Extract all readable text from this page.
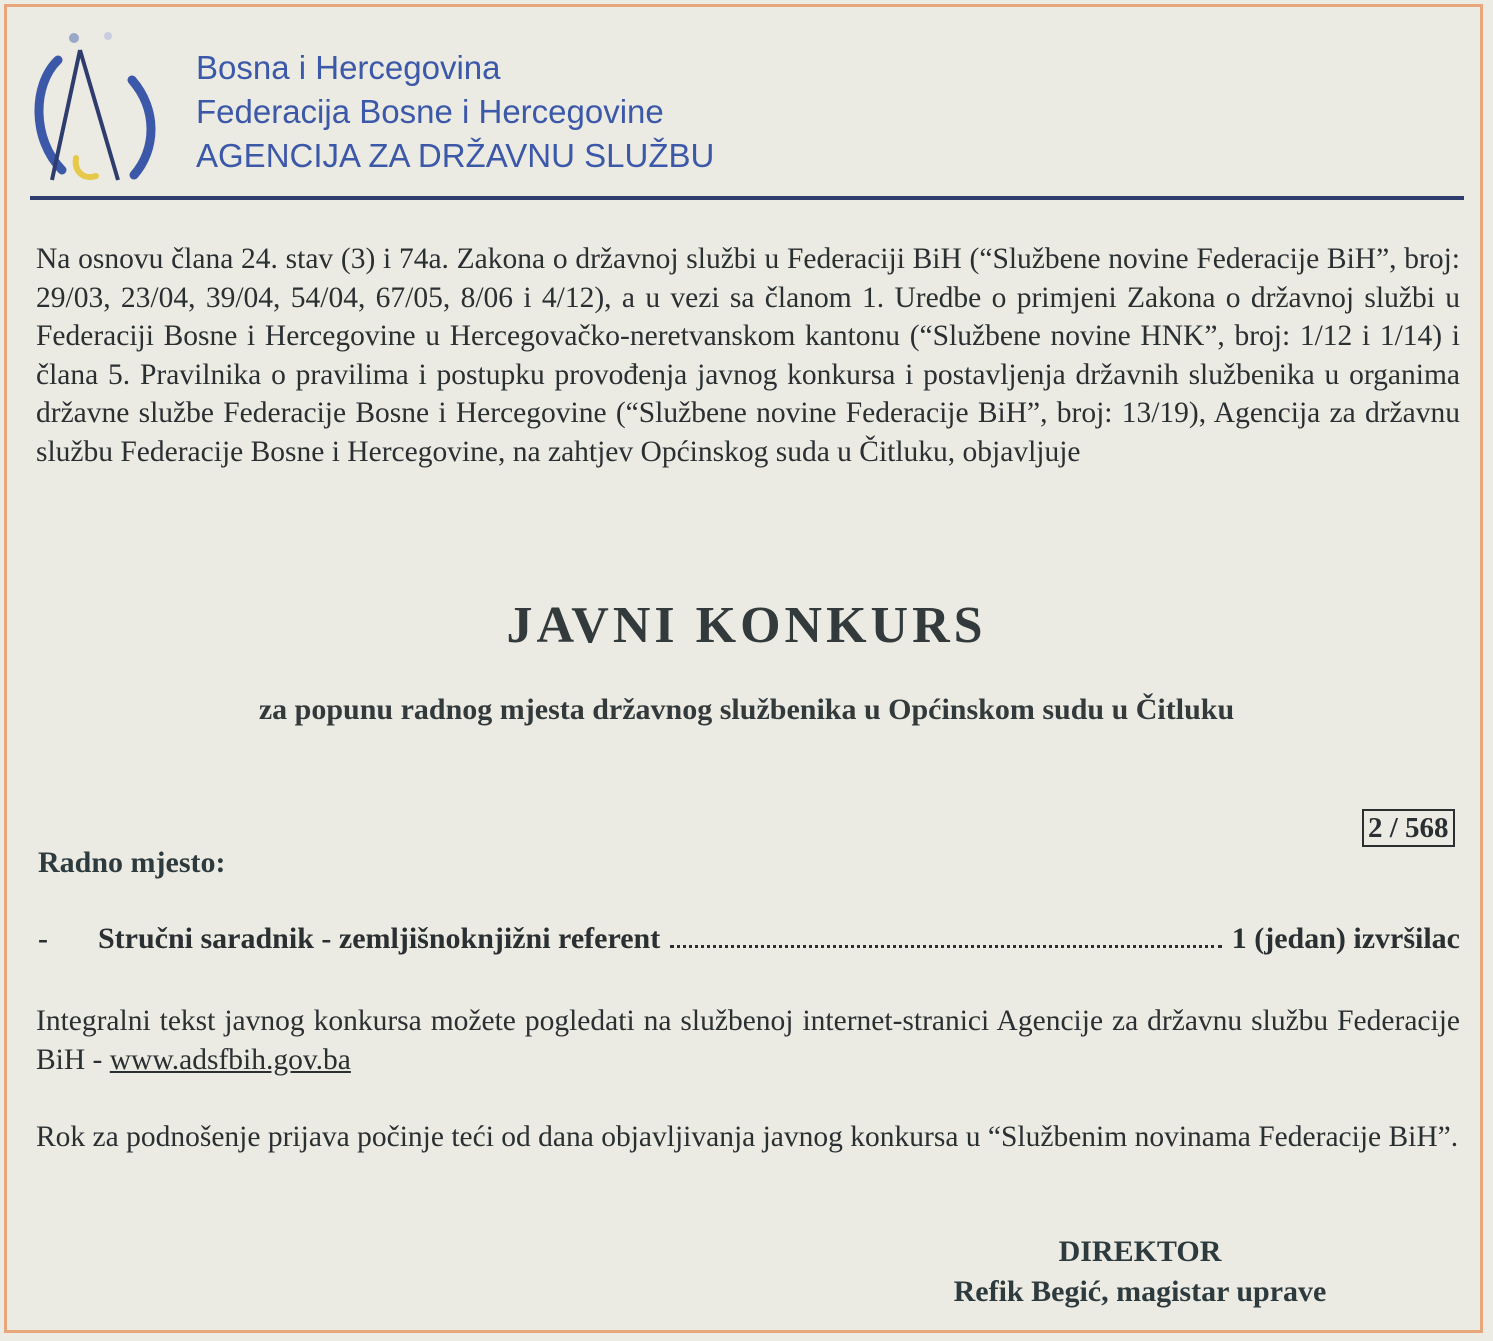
Bosna i Hercegovina
Federacija Bosne i Hercegovine
AGENCIJA ZA DRŽAVNU SLUŽBU
Na osnovu člana 24. stav (3) i 74a. Zakona o državnoj službi u Federaciji BiH (“Službene novine Federacije BiH”, broj: 29/03, 23/04, 39/04, 54/04, 67/05, 8/06 i 4/12), a u vezi sa članom 1. Uredbe o primjeni Zakona o državnoj službi u Federaciji Bosne i Hercegovine u Hercegovačko-neretvanskom kantonu (“Službene novine HNK”, broj: 1/12 i 1/14) i člana 5. Pravilnika o pravilima i postupku provođenja javnog konkursa i postavljenja državnih službenika u organima državne službe Federacije Bosne i Hercegovine (“Službene novine Federacije BiH”, broj: 13/19), Agencija za državnu službu Federacije Bosne i Hercegovine, na zahtjev Općinskog suda u Čitluku, objavljuje
JAVNI KONKURS
za popunu radnog mjesta državnog službenika u Općinskom sudu u Čitluku
2 / 568
Radno mjesto:
-	Stručni saradnik - zemljišnoknjižni referent	1 (jedan) izvršilac
Integralni tekst javnog konkursa možete pogledati na službenoj internet-stranici Agencije za državnu službu Federacije BiH - www.adsfbih.gov.ba
Rok za podnošenje prijava počinje teći od dana objavljivanja javnog konkursa u “Službenim novinama Federacije BiH”.
DIREKTOR
Refik Begić, magistar uprave
